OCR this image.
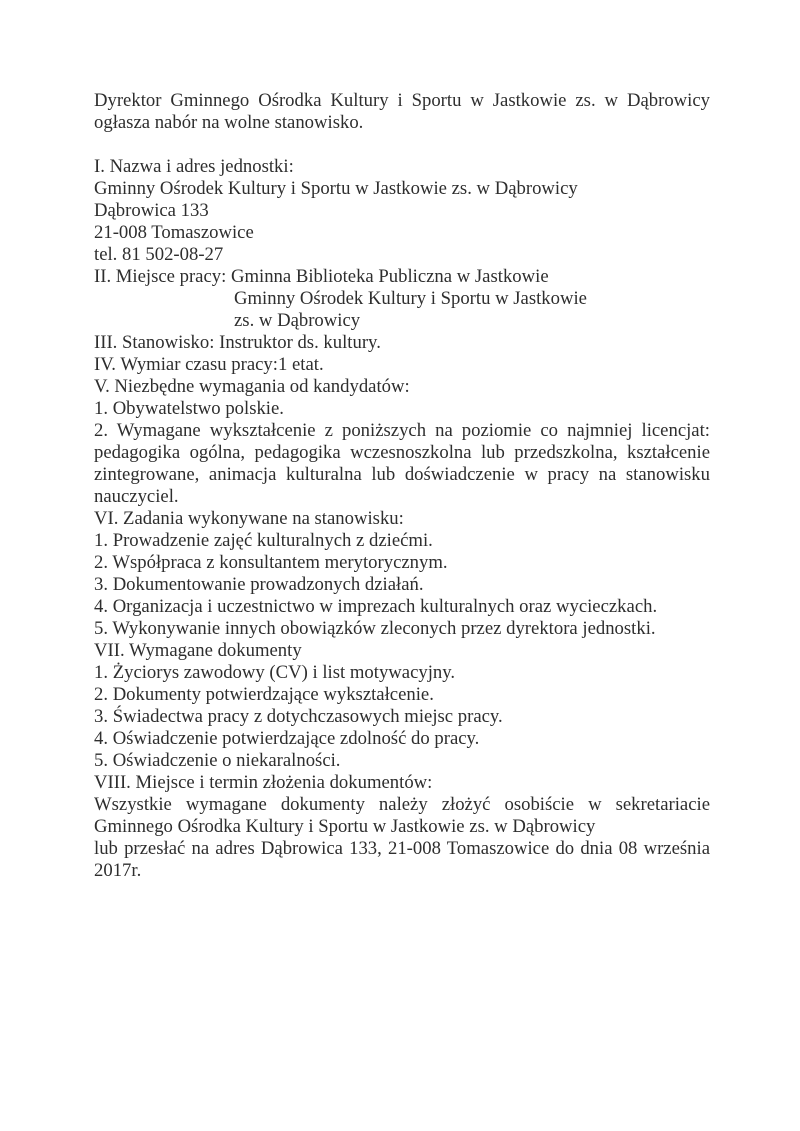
Dyrektor Gminnego Ośrodka Kultury i Sportu w Jastkowie zs. w Dąbrowicy
ogłasza nabór na wolne stanowisko.
I. Nazwa i adres jednostki:
Gminny Ośrodek Kultury i Sportu w Jastkowie zs. w Dąbrowicy
Dąbrowica 133
21-008 Tomaszowice
tel. 81 502-08-27
II. Miejsce pracy: Gminna Biblioteka Publiczna w Jastkowie
Gminny Ośrodek Kultury i Sportu w Jastkowie
zs. w Dąbrowicy
III. Stanowisko: Instruktor ds. kultury.
IV. Wymiar czasu pracy:1 etat.
V. Niezbędne wymagania od kandydatów:
1. Obywatelstwo polskie.
2. Wymagane wykształcenie z poniższych na poziomie co najmniej licencjat:
pedagogika ogólna, pedagogika wczesnoszkolna lub przedszkolna, kształcenie
zintegrowane, animacja kulturalna lub doświadczenie w pracy na stanowisku
nauczyciel.
VI. Zadania wykonywane na stanowisku:
1. Prowadzenie zajęć kulturalnych z dziećmi.
2. Współpraca z konsultantem merytorycznym.
3. Dokumentowanie prowadzonych działań.
4. Organizacja i uczestnictwo w imprezach kulturalnych oraz wycieczkach.
5. Wykonywanie innych obowiązków zleconych przez dyrektora jednostki.
VII. Wymagane dokumenty
1. Życiorys zawodowy (CV) i list motywacyjny.
2. Dokumenty potwierdzające wykształcenie.
3. Świadectwa pracy z dotychczasowych miejsc pracy.
4. Oświadczenie potwierdzające zdolność do pracy.
5. Oświadczenie o niekaralności.
VIII. Miejsce i termin złożenia dokumentów:
Wszystkie wymagane dokumenty należy złożyć osobiście w sekretariacie
Gminnego Ośrodka Kultury i Sportu w Jastkowie zs. w Dąbrowicy
lub przesłać na adres Dąbrowica 133, 21-008 Tomaszowice do dnia 08 września
2017r.
